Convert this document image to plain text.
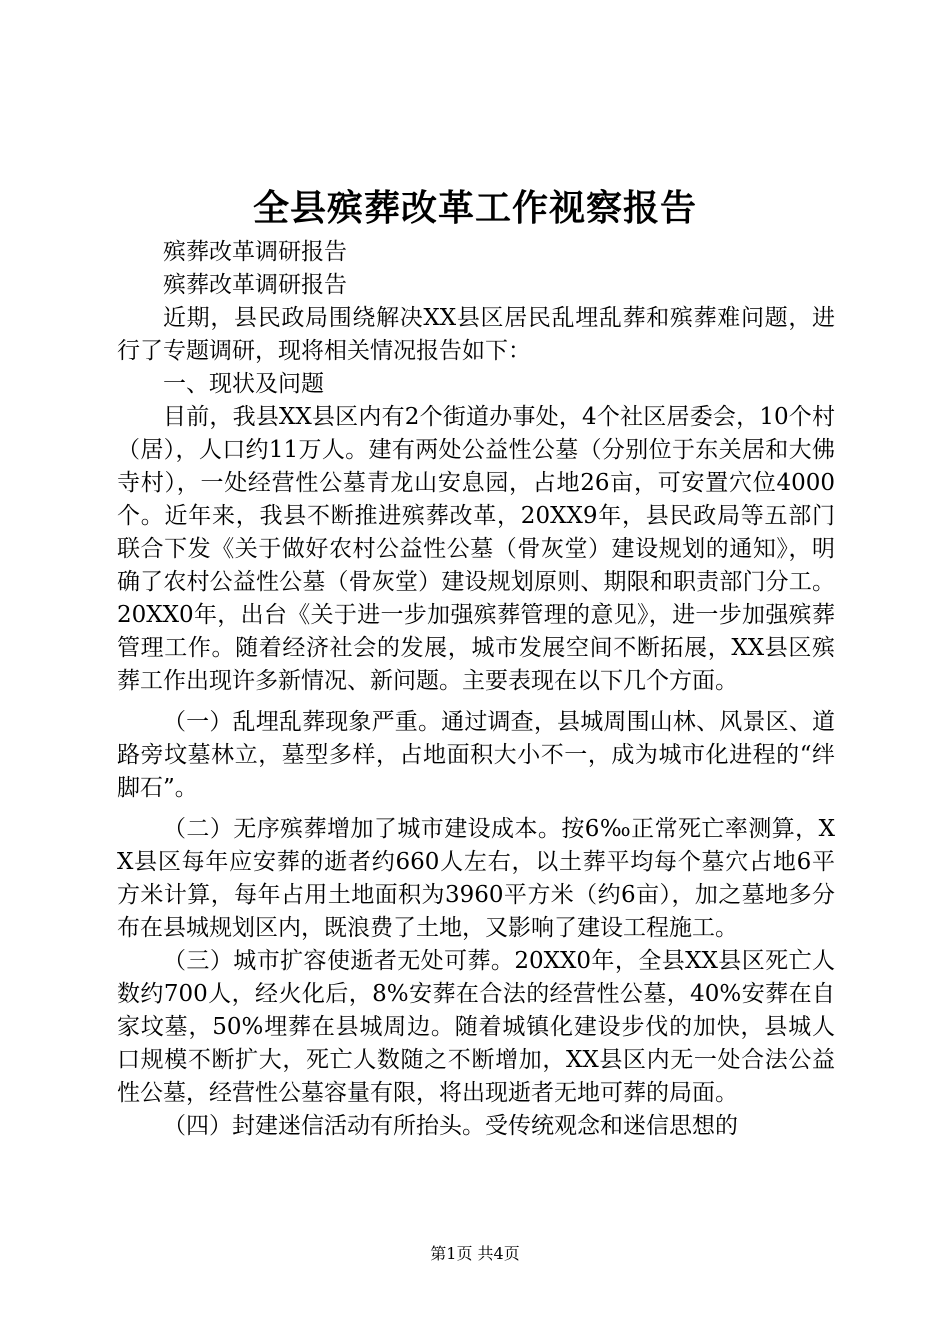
全县殡葬改革工作视察报告

殡葬改革调研报告

殡葬改革调研报告

近期，县民政局围绕解决XX县区居民乱埋乱葬和殡葬难问题，进行了专题调研，现将相关情况报告如下：

一、现状及问题

目前，我县XX县区内有2个街道办事处，4个社区居委会，10个村（居），人口约11万人。建有两处公益性公墓（分别位于东关居和大佛寺村），一处经营性公墓青龙山安息园，占地26亩，可安置穴位4000个。近年来，我县不断推进殡葬改革，20XX9年，县民政局等五部门联合下发《关于做好农村公益性公墓（骨灰堂）建设规划的通知》，明确了农村公益性公墓（骨灰堂）建设规划原则、期限和职责部门分工。20XX0年，出台《关于进一步加强殡葬管理的意见》，进一步加强殡葬管理工作。随着经济社会的发展，城市发展空间不断拓展，XX县区殡葬工作出现许多新情况、新问题。主要表现在以下几个方面。

（一）乱埋乱葬现象严重。通过调查，县城周围山林、风景区、道路旁坟墓林立，墓型多样，占地面积大小不一，成为城市化进程的“绊脚石”。

（二）无序殡葬增加了城市建设成本。按6‰正常死亡率测算，XX县区每年应安葬的逝者约660人左右，以土葬平均每个墓穴占地6平方米计算，每年占用土地面积为3960平方米（约6亩），加之墓地多分布在县城规划区内，既浪费了土地，又影响了建设工程施工。

（三）城市扩容使逝者无处可葬。20XX0年，全县XX县区死亡人数约700人，经火化后，8%安葬在合法的经营性公墓，40%安葬在自家坟墓，50%埋葬在县城周边。随着城镇化建设步伐的加快，县城人口规模不断扩大，死亡人数随之不断增加，XX县区内无一处合法公益性公墓，经营性公墓容量有限，将出现逝者无地可葬的局面。

（四）封建迷信活动有所抬头。受传统观念和迷信思想的

第1页 共4页
